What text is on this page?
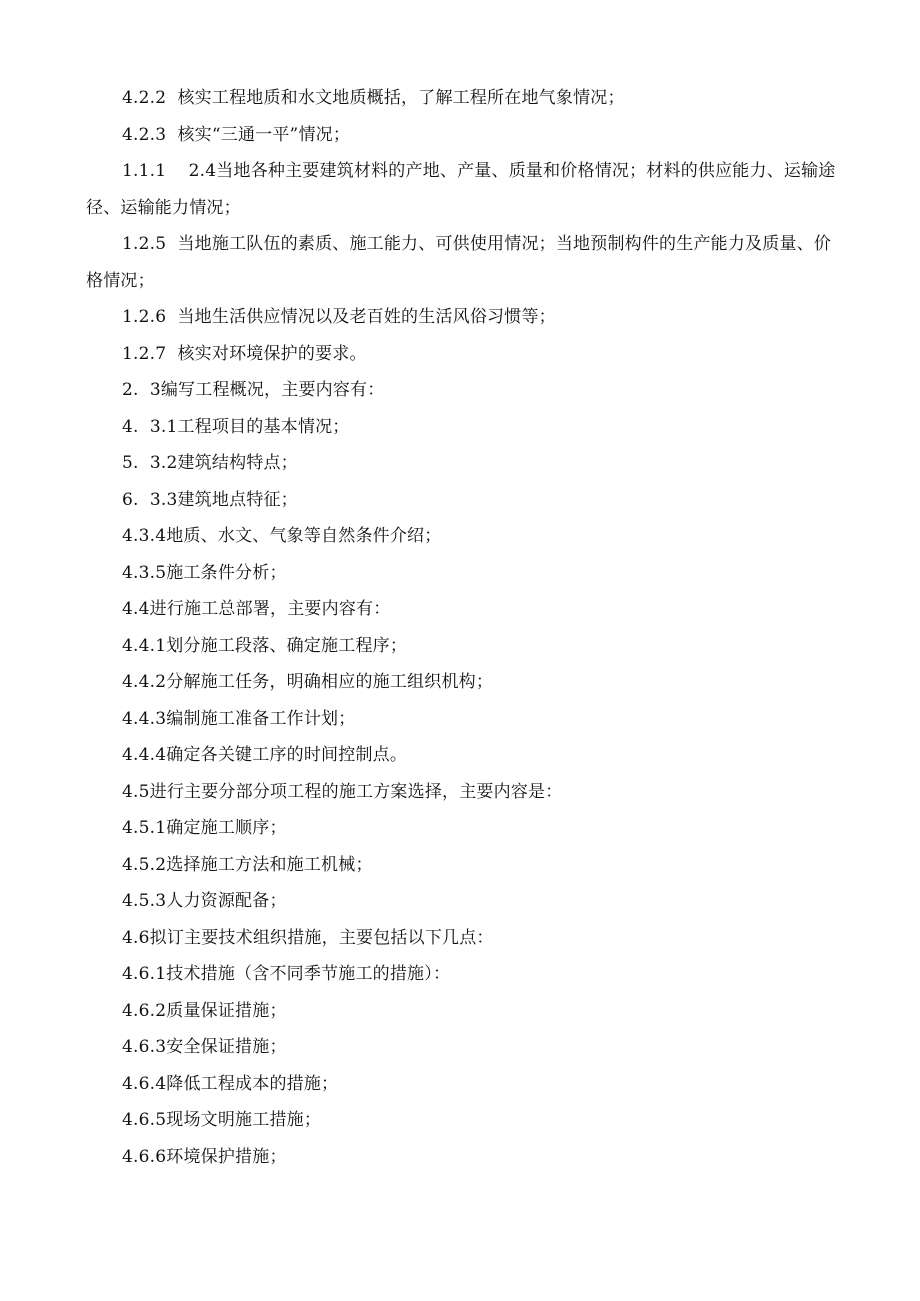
4.2.2  核实工程地质和水文地质概括，了解工程所在地气象情况；

4.2.3  核实“三通一平”情况；

1.1.1    2.4当地各种主要建筑材料的产地、产量、质量和价格情况；材料的供应能力、运输途径、运输能力情况；

1.2.5  当地施工队伍的素质、施工能力、可供使用情况；当地预制构件的生产能力及质量、价格情况；

1.2.6  当地生活供应情况以及老百姓的生活风俗习惯等；

1.2.7  核实对环境保护的要求。

2.  3编写工程概况，主要内容有：

4.  3.1工程项目的基本情况；

5.  3.2建筑结构特点；

6.  3.3建筑地点特征；

4.3.4地质、水文、气象等自然条件介绍；

4.3.5施工条件分析；

4.4进行施工总部署，主要内容有：

4.4.1划分施工段落、确定施工程序；

4.4.2分解施工任务，明确相应的施工组织机构；

4.4.3编制施工准备工作计划；

4.4.4确定各关键工序的时间控制点。

4.5进行主要分部分项工程的施工方案选择，主要内容是：

4.5.1确定施工顺序；

4.5.2选择施工方法和施工机械；

4.5.3人力资源配备；

4.6拟订主要技术组织措施，主要包括以下几点：

4.6.1技术措施（含不同季节施工的措施）：

4.6.2质量保证措施；

4.6.3安全保证措施；

4.6.4降低工程成本的措施；

4.6.5现场文明施工措施；

4.6.6环境保护措施；
